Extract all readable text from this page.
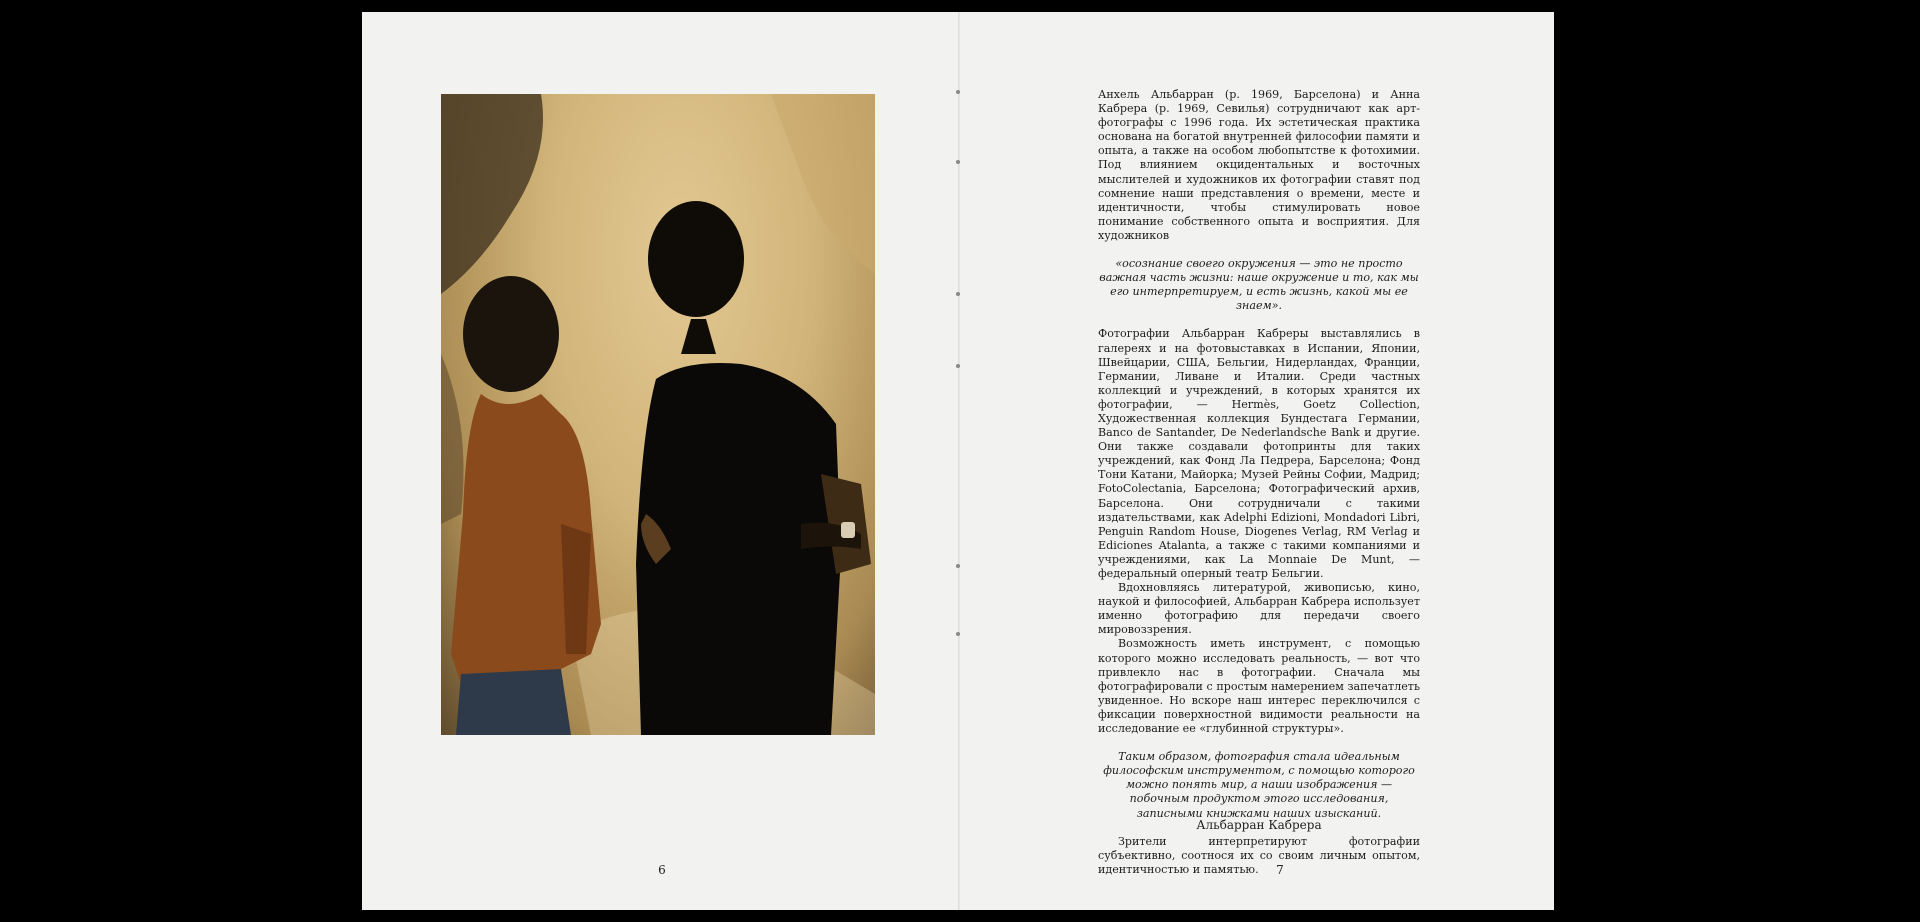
6

Анхель Альбарран (р. 1969, Барселона) и Анна Кабрера (р. 1969, Севилья) сотрудничают как арт-фотографы с 1996 года. Их эстетическая практика основана на богатой внутренней философии памяти и опыта, а также на особом любопытстве к фотохимии. Под влиянием окцидентальных и восточных мыслителей и художников их фотографии ставят под сомнение наши представления о времени, месте и идентичности, чтобы стимулировать новое понимание собственного опыта и восприятия. Для художников

«осознание своего окружения — это не просто важная часть жизни: наше окружение и то, как мы его интерпретируем, и есть жизнь, какой мы ее знаем».

Фотографии Альбарран Кабреры выставлялись в галереях и на фотовыставках в Испании, Японии, Швейцарии, США, Бельгии, Нидерландах, Франции, Германии, Ливане и Италии. Среди частных коллекций и учреждений, в которых хранятся их фотографии, — Hermès, Goetz Collection, Художественная коллекция Бундестага Германии, Banco de Santander, De Nederlandsche Bank и другие. Они также создавали фотопринты для таких учреждений, как Фонд Ла Педрера, Барселона; Фонд Тони Катани, Майорка; Музей Рейны Софии, Мадрид; FotoColectania, Барселона; Фотографический архив, Барселона. Они сотрудничали с такими издательствами, как Adelphi Edizioni, Mondadori Libri, Penguin Random House, Diogenes Verlag, RM Verlag и Ediciones Atalanta, а также с такими компаниями и учреждениями, как La Monnaie De Munt, — федеральный оперный театр Бельгии.

Вдохновляясь литературой, живописью, кино, наукой и философией, Альбарран Кабрера использует именно фотографию для передачи своего мировоззрения.

Возможность иметь инструмент, с помощью которого можно исследовать реальность, — вот что привлекло нас в фотографии. Сначала мы фотографировали с простым намерением запечатлеть увиденное. Но вскоре наш интерес переключился с фиксации поверхностной видимости реальности на исследование ее «глубинной структуры».

Таким образом, фотография стала идеальным философским инструментом, с помощью которого можно понять мир, а наши изображения — побочным продуктом этого исследования, записными книжками наших изысканий.

Зрители интерпретируют фотографии субъективно, соотнося их со своим личным опытом, идентичностью и памятью.

Альбарран Кабрера
7
